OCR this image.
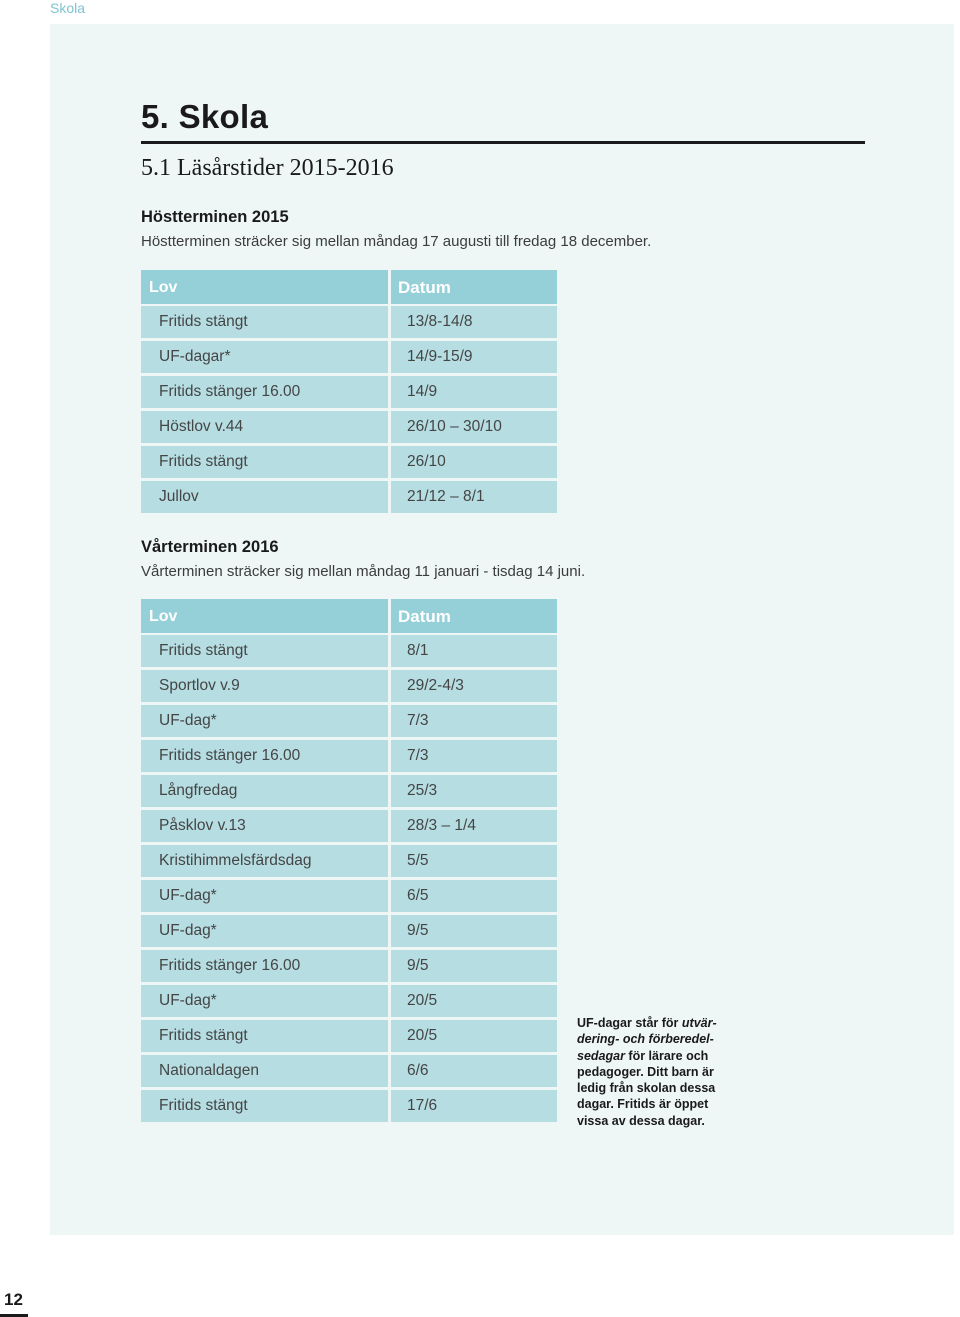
Skola
5. Skola
5.1 Läsårstider 2015-2016
Höstterminen 2015
Höstterminen sträcker sig mellan måndag 17 augusti till fredag 18 december.
Lov	Datum
Fritids stängt	13/8-14/8
UF-dagar*	14/9-15/9
Fritids stänger 16.00	14/9
Höstlov v.44	26/10 – 30/10
Fritids stängt	26/10
Jullov	21/12 – 8/1
Vårterminen 2016
Vårterminen sträcker sig mellan måndag 11 januari - tisdag 14 juni.
Lov	Datum
Fritids stängt	8/1
Sportlov v.9	29/2-4/3
UF-dag*	7/3
Fritids stänger 16.00	7/3
Långfredag	25/3
Påsklov v.13	28/3 – 1/4
Kristihimmelsfärdsdag	5/5
UF-dag*	6/5
UF-dag*	9/5
Fritids stänger 16.00	9/5
UF-dag*	20/5
Fritids stängt	20/5
Nationaldagen	6/6
Fritids stängt	17/6
UF-dagar står för utvär-dering- och förberedel-sedagar för lärare och pedagoger. Ditt barn är ledig från skolan dessa dagar. Fritids är öppet vissa av dessa dagar.
12
